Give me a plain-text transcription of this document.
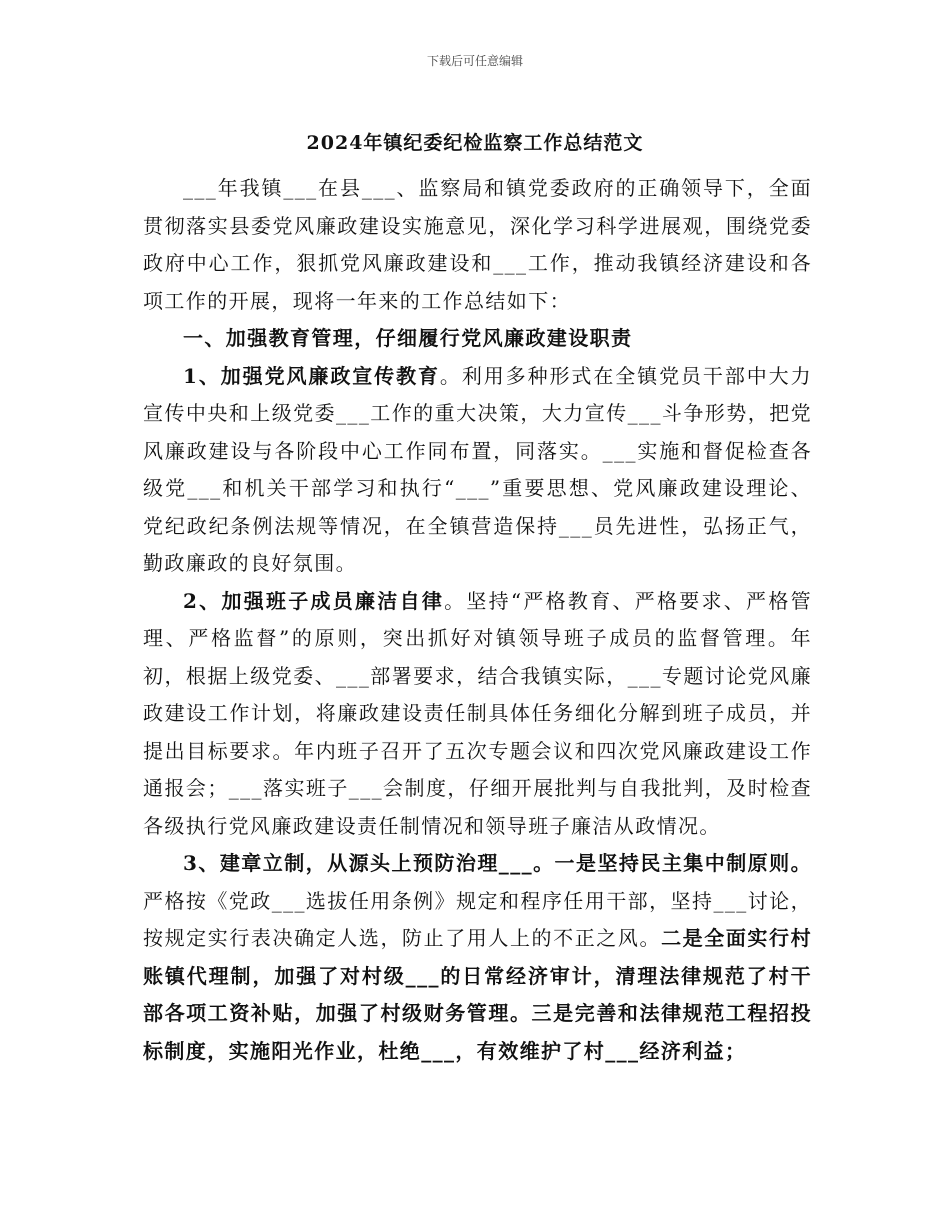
下载后可任意编辑
2024年镇纪委纪检监察工作总结范文

___年我镇___在县___、监察局和镇党委政府的正确领导下，全面贯彻落实县委党风廉政建设实施意见，深化学习科学进展观，围绕党委政府中心工作，狠抓党风廉政建设和___工作，推动我镇经济建设和各项工作的开展，现将一年来的工作总结如下：

一、加强教育管理，仔细履行党风廉政建设职责

1、加强党风廉政宣传教育。利用多种形式在全镇党员干部中大力宣传中央和上级党委___工作的重大决策，大力宣传___斗争形势，把党风廉政建设与各阶段中心工作同布置，同落实。___实施和督促检查各级党___和机关干部学习和执行“___”重要思想、党风廉政建设理论、党纪政纪条例法规等情况，在全镇营造保持___员先进性，弘扬正气，勤政廉政的良好氛围。

2、加强班子成员廉洁自律。坚持“严格教育、严格要求、严格管理、严格监督”的原则，突出抓好对镇领导班子成员的监督管理。年初，根据上级党委、___部署要求，结合我镇实际，___专题讨论党风廉政建设工作计划，将廉政建设责任制具体任务细化分解到班子成员，并提出目标要求。年内班子召开了五次专题会议和四次党风廉政建设工作通报会；___落实班子___会制度，仔细开展批判与自我批判，及时检查各级执行党风廉政建设责任制情况和领导班子廉洁从政情况。

3、建章立制，从源头上预防治理___。一是坚持民主集中制原则。严格按《党政___选拔任用条例》规定和程序任用干部，坚持___讨论，按规定实行表决确定人选，防止了用人上的不正之风。二是全面实行村账镇代理制，加强了对村级___的日常经济审计，清理法律规范了村干部各项工资补贴，加强了村级财务管理。三是完善和法律规范工程招投标制度，实施阳光作业，杜绝___，有效维护了村___经济利益；
